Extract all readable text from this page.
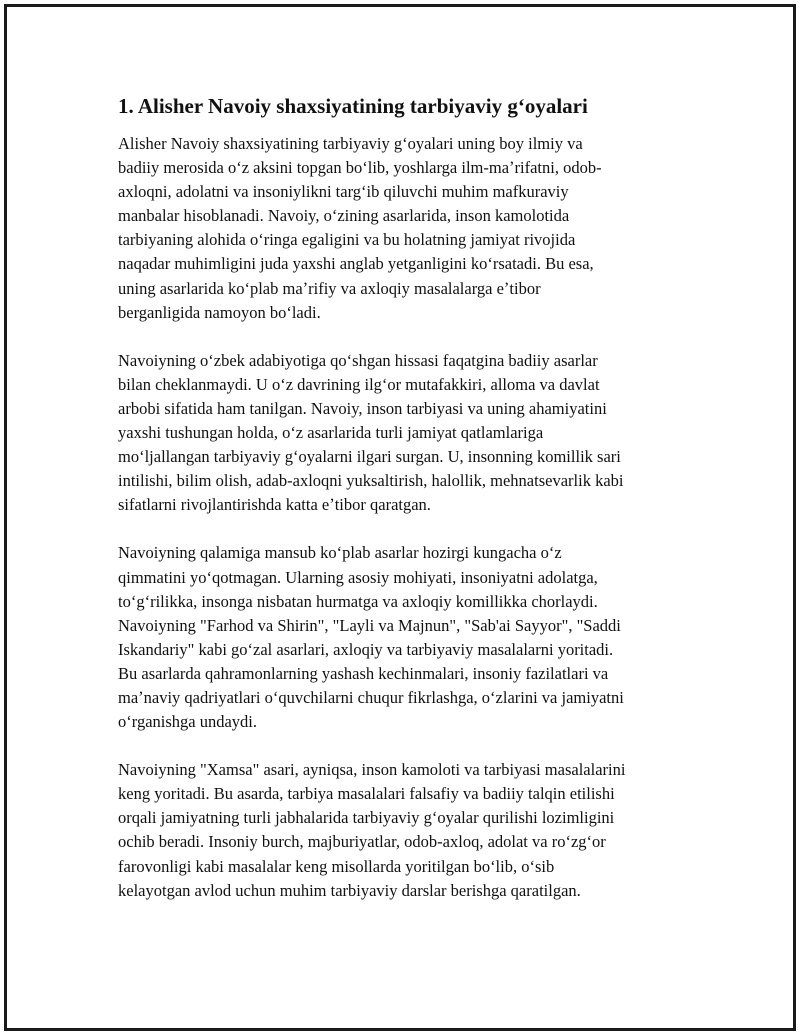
1. Alisher Navoiy shaxsiyatining tarbiyaviy gʻoyalari

Alisher Navoiy shaxsiyatining tarbiyaviy gʻoyalari uning boy ilmiy va
badiiy merosida oʻz aksini topgan boʻlib, yoshlarga ilm-maʼrifatni, odob-
axloqni, adolatni va insoniylikni targʻib qiluvchi muhim mafkuraviy
manbalar hisoblanadi. Navoiy, oʻzining asarlarida, inson kamolotida
tarbiyaning alohida oʻringa egaligini va bu holatning jamiyat rivojida
naqadar muhimligini juda yaxshi anglab yetganligini koʻrsatadi. Bu esa,
uning asarlarida koʻplab maʼrifiy va axloqiy masalalarga eʼtibor
berganligida namoyon boʻladi.

Navoiyning oʻzbek adabiyotiga qoʻshgan hissasi faqatgina badiiy asarlar
bilan cheklanmaydi. U oʻz davrining ilgʻor mutafakkiri, alloma va davlat
arbobi sifatida ham tanilgan. Navoiy, inson tarbiyasi va uning ahamiyatini
yaxshi tushungan holda, oʻz asarlarida turli jamiyat qatlamlariga
moʻljallangan tarbiyaviy gʻoyalarni ilgari surgan. U, insonning komillik sari
intilishi, bilim olish, adab-axloqni yuksaltirish, halollik, mehnatsevarlik kabi
sifatlarni rivojlantirishda katta eʼtibor qaratgan.

Navoiyning qalamiga mansub koʻplab asarlar hozirgi kungacha oʻz
qimmatini yoʻqotmagan. Ularning asosiy mohiyati, insoniyatni adolatga,
toʻgʻrilikka, insonga nisbatan hurmatga va axloqiy komillikka chorlaydi.
Navoiyning "Farhod va Shirin", "Layli va Majnun", "Sab'ai Sayyor", "Saddi
Iskandariy" kabi goʻzal asarlari, axloqiy va tarbiyaviy masalalarni yoritadi.
Bu asarlarda qahramonlarning yashash kechinmalari, insoniy fazilatlari va
maʼnaviy qadriyatlari oʻquvchilarni chuqur fikrlashga, oʻzlarini va jamiyatni
oʻrganishga undaydi.

Navoiyning "Xamsa" asari, ayniqsa, inson kamoloti va tarbiyasi masalalarini
keng yoritadi. Bu asarda, tarbiya masalalari falsafiy va badiiy talqin etilishi
orqali jamiyatning turli jabhalarida tarbiyaviy gʻoyalar qurilishi lozimligini
ochib beradi. Insoniy burch, majburiyatlar, odob-axloq, adolat va roʻzgʻor
farovonligi kabi masalalar keng misollarda yoritilgan boʻlib, oʻsib
kelayotgan avlod uchun muhim tarbiyaviy darslar berishga qaratilgan.
